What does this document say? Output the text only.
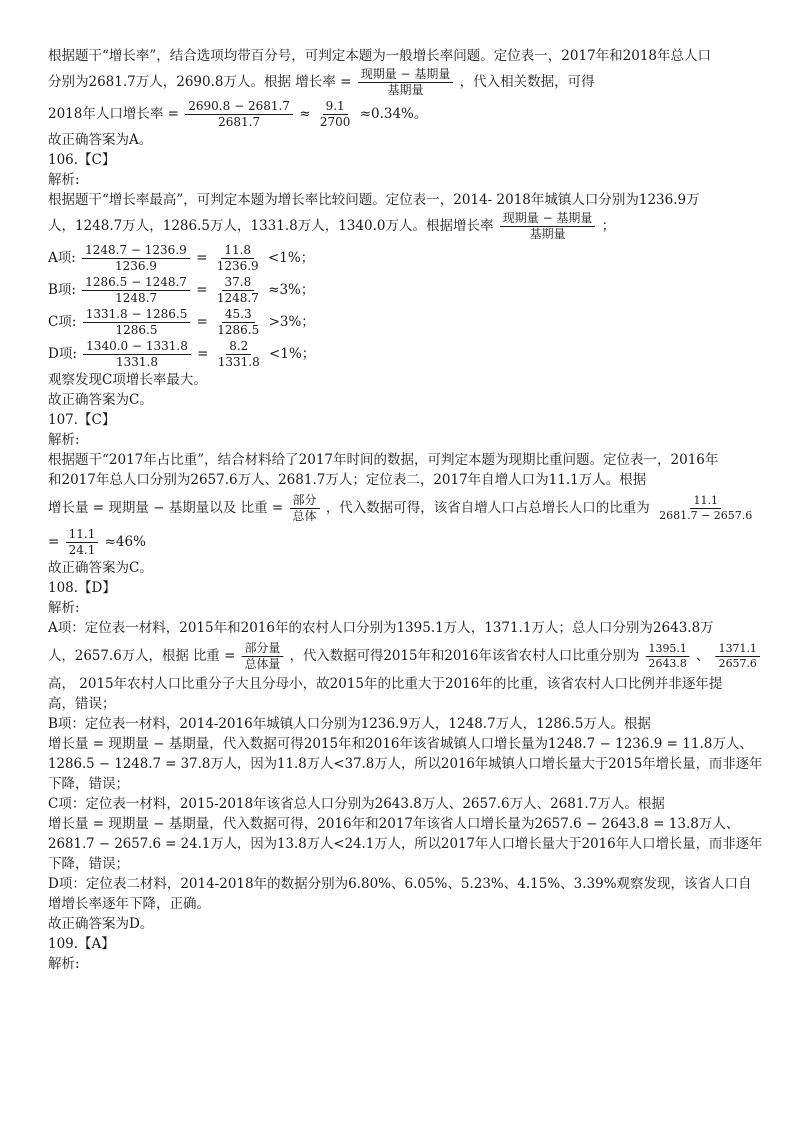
根据题干“增长率”，结合选项均带百分号，可判定本题为一般增长率问题。定位表一，2017年和2018年总人口
分别为2681.7万人，2690.8万人。根据 增长率 = $\frac{\text{现期量 − 基期量}}{\text{基期量}}$ ，代入相关数据，可得
2018年人口增长率 = $\frac{2690.8 - 2681.7}{2681.7} \approx \frac{9.1}{2700} \approx 0.34\%$。
故正确答案为A。
106.【C】
解析:
根据题干“增长率最高”，可判定本题为增长率比较问题。定位表一，2014- 2018年城镇人口分别为1236.9万
人，1248.7万人，1286.5万人，1331.8万人，1340.0万人。根据增长率 $\frac{\text{现期量 − 基期量}}{\text{基期量}}$ ；
A项: $\frac{1248.7 - 1236.9}{1236.9} = \frac{11.8}{1236.9} <1\%$；
B项: $\frac{1286.5 - 1248.7}{1248.7} = \frac{37.8}{1248.7} \approx 3\%$；
C项: $\frac{1331.8 - 1286.5}{1286.5} = \frac{45.3}{1286.5} >3\%$；
D项: $\frac{1340.0 - 1331.8}{1331.8} = \frac{8.2}{1331.8} <1\%$；
观察发现C项增长率最大。
故正确答案为C。
107.【C】
解析:
根据题干“2017年占比重”，结合材料给了2017年时间的数据，可判定本题为现期比重问题。定位表一，2016年
和2017年总人口分别为2657.6万人、2681.7万人；定位表二，2017年自增人口为11.1万人。根据
增长量 = 现期量 − 基期量以及 比重 = $\frac{\text{部分}}{\text{总体}}$ ，代入数据可得，该省自增人口占总增长人口的比重为 $\frac{11.1}{2681.7 - 2657.6}$
= $\frac{11.1}{24.1} \approx 46\%$
故正确答案为C。
108.【D】
解析:
A项：定位表一材料，2015年和2016年的农村人口分别为1395.1万人，1371.1万人；总人口分别为2643.8万
人，2657.6万人，根据 比重 = $\frac{\text{部分量}}{\text{总体量}}$ ，代入数据可得2015年和2016年该省农村人口比重分别为 $\frac{1395.1}{2643.8}$ 、 $\frac{1371.1}{2657.6}$
高， 2015年农村人口比重分子大且分母小，故2015年的比重大于2016年的比重，该省农村人口比例并非逐年提
高，错误；
B项：定位表一材料，2014-2016年城镇人口分别为1236.9万人，1248.7万人，1286.5万人。根据
增长量 = 现期量 − 基期量，代入数据可得2015年和2016年该省城镇人口增长量为1248.7 − 1236.9 = 11.8万人、
1286.5 − 1248.7 = 37.8万人，因为11.8万人<37.8万人，所以2016年城镇人口增长量大于2015年增长量，而非逐年
下降，错误；
C项：定位表一材料，2015-2018年该省总人口分别为2643.8万人、2657.6万人、2681.7万人。根据
增长量 = 现期量 − 基期量，代入数据可得，2016年和2017年该省人口增长量为2657.6 − 2643.8 = 13.8万人、
2681.7 − 2657.6 = 24.1万人，因为13.8万人<24.1万人，所以2017年人口增长量大于2016年人口增长量，而非逐年
下降，错误；
D项：定位表二材料，2014-2018年的数据分别为6.80%、6.05%、5.23%、4.15%、3.39%观察发现，该省人口自
增增长率逐年下降，正确。
故正确答案为D。
109.【A】
解析:
